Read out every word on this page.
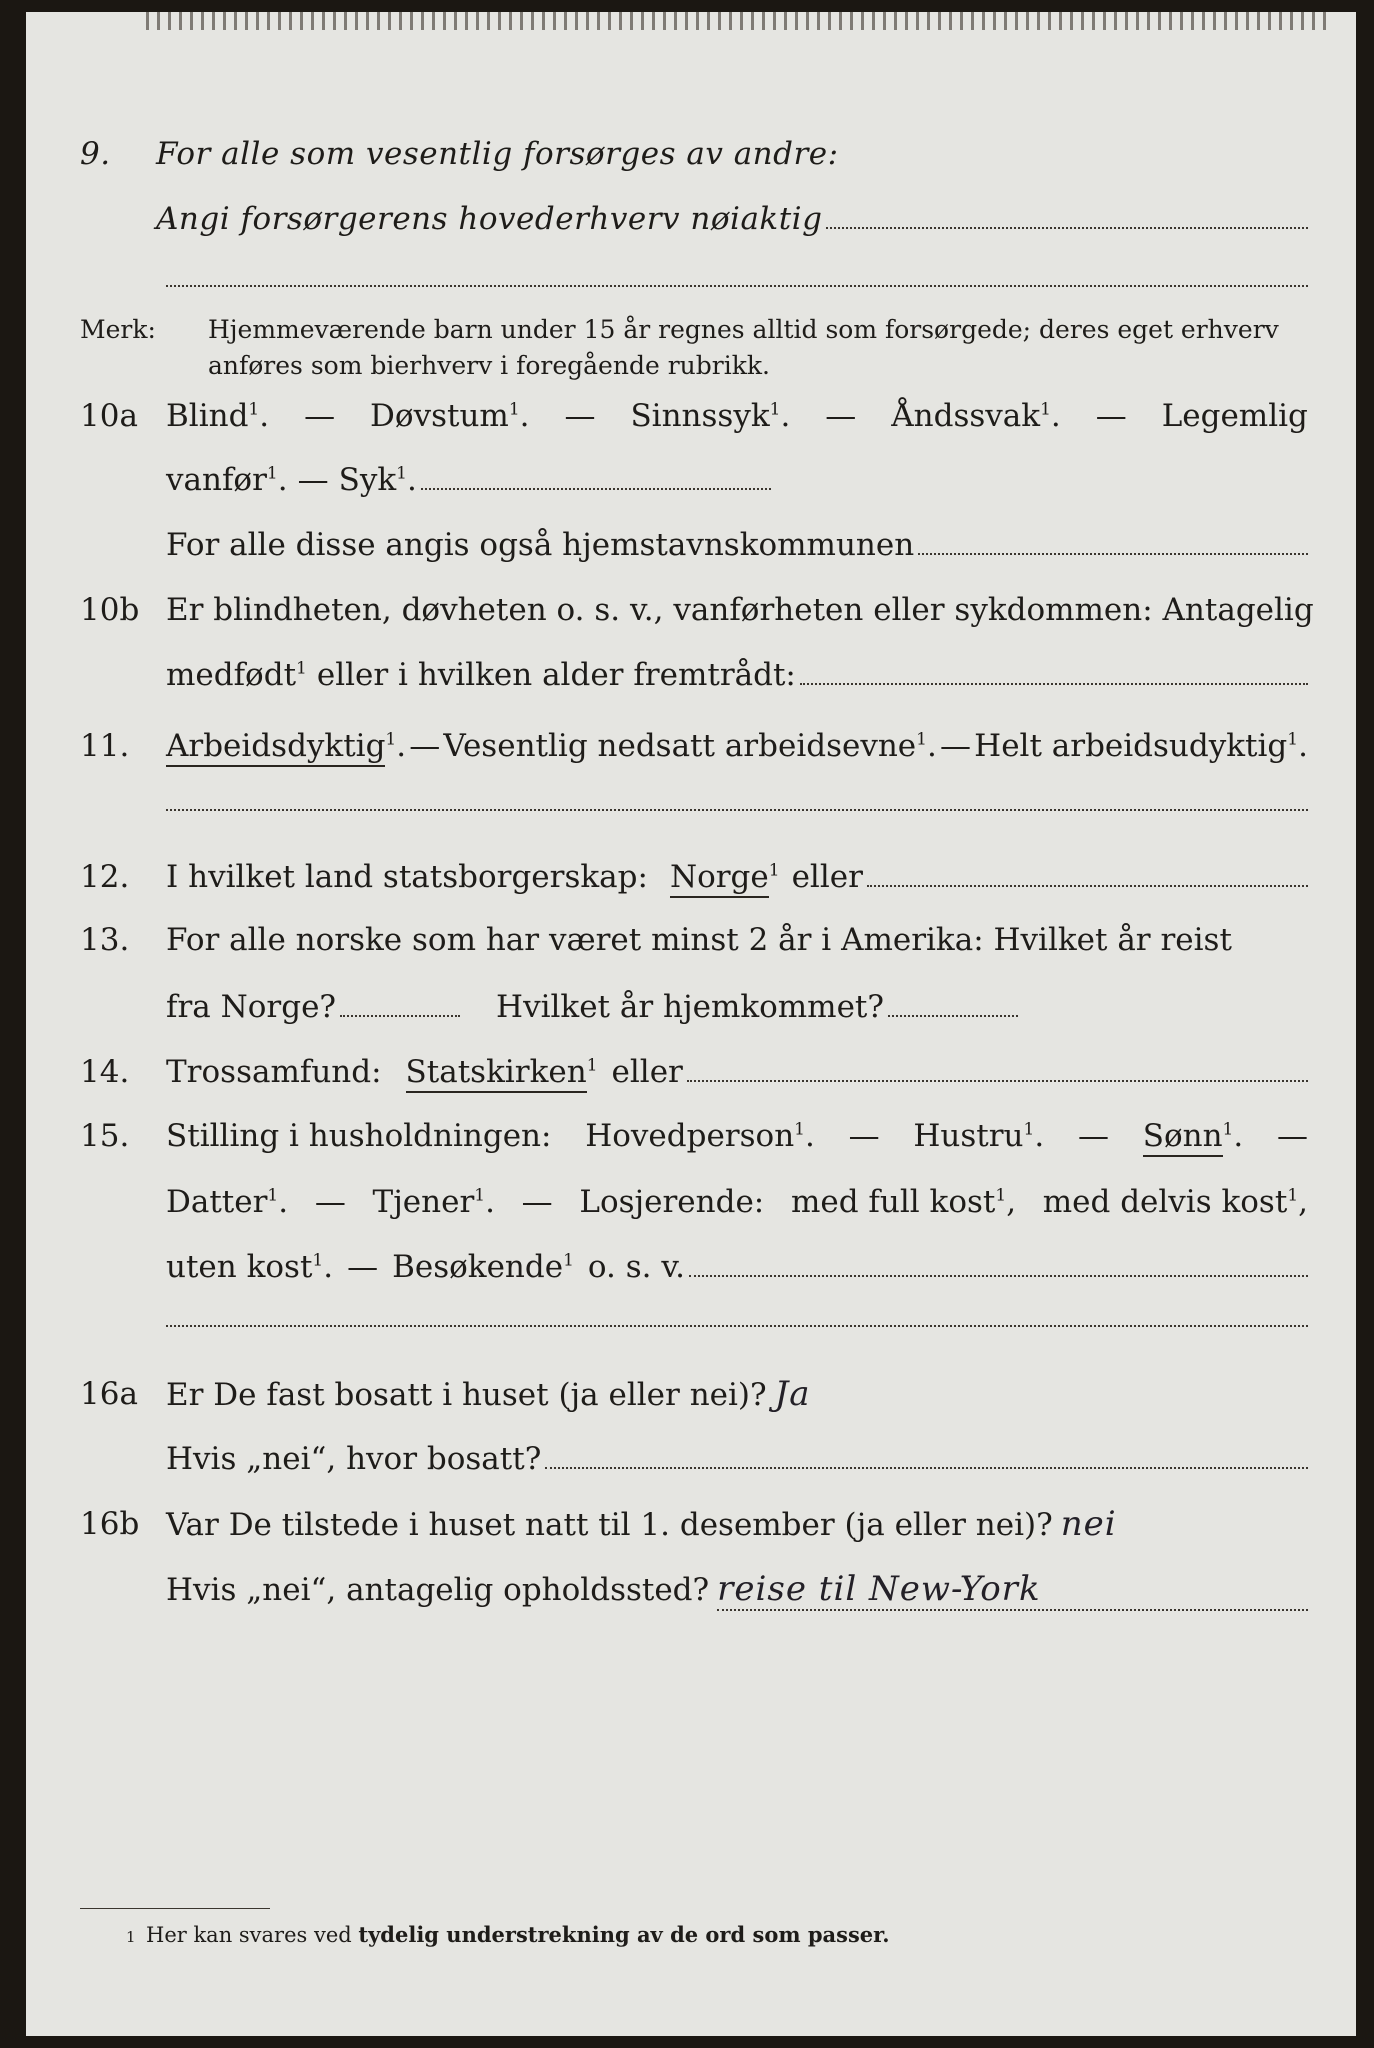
9. For alle som vesentlig forsørges av andre:
Angi forsørgerens hovederhverv nøiaktig
Merk: Hjemmeværende barn under 15 år regnes alltid som forsørgede; deres eget erhverv
anføres som bierhverv i foregående rubrikk.
10a Blind$^1$. — Døvstum$^1$. — Sinnssyk$^1$. — Åndssvak$^1$. — Legemlig
vanfør$^1$. — Syk$^1$.
For alle disse angis også hjemstavnskommunen
10b Er blindheten, døvheten o. s. v., vanførheten eller sykdommen: Antagelig
medfødt$^1$ eller i hvilken alder fremtrådt:
11. Arbeidsdyktig$^1$. — Vesentlig nedsatt arbeidsevne$^1$. — Helt arbeidsudyktig$^1$.
12. I hvilket land statsborgerskap: Norge$^1$ eller
13. For alle norske som har været minst 2 år i Amerika: Hvilket år reist
fra Norge?	Hvilket år hjemkommet?
14. Trossamfund: Statskirken$^1$ eller
15. Stilling i husholdningen: Hovedperson$^1$. — Hustru$^1$. — Sønn$^1$. —
Datter$^1$. — Tjener$^1$. — Losjerende: med full kost$^1$, med delvis kost$^1$,
uten kost$^1$. — Besøkende$^1$ o. s. v.
16a Er De fast bosatt i huset (ja eller nei)? Ja
Hvis „nei“, hvor bosatt?
16b Var De tilstede i huset natt til 1. desember (ja eller nei)? nei
Hvis „nei“, antagelig opholdssted? reise til New-York
1 Her kan svares ved tydelig understrekning av de ord som passer.
